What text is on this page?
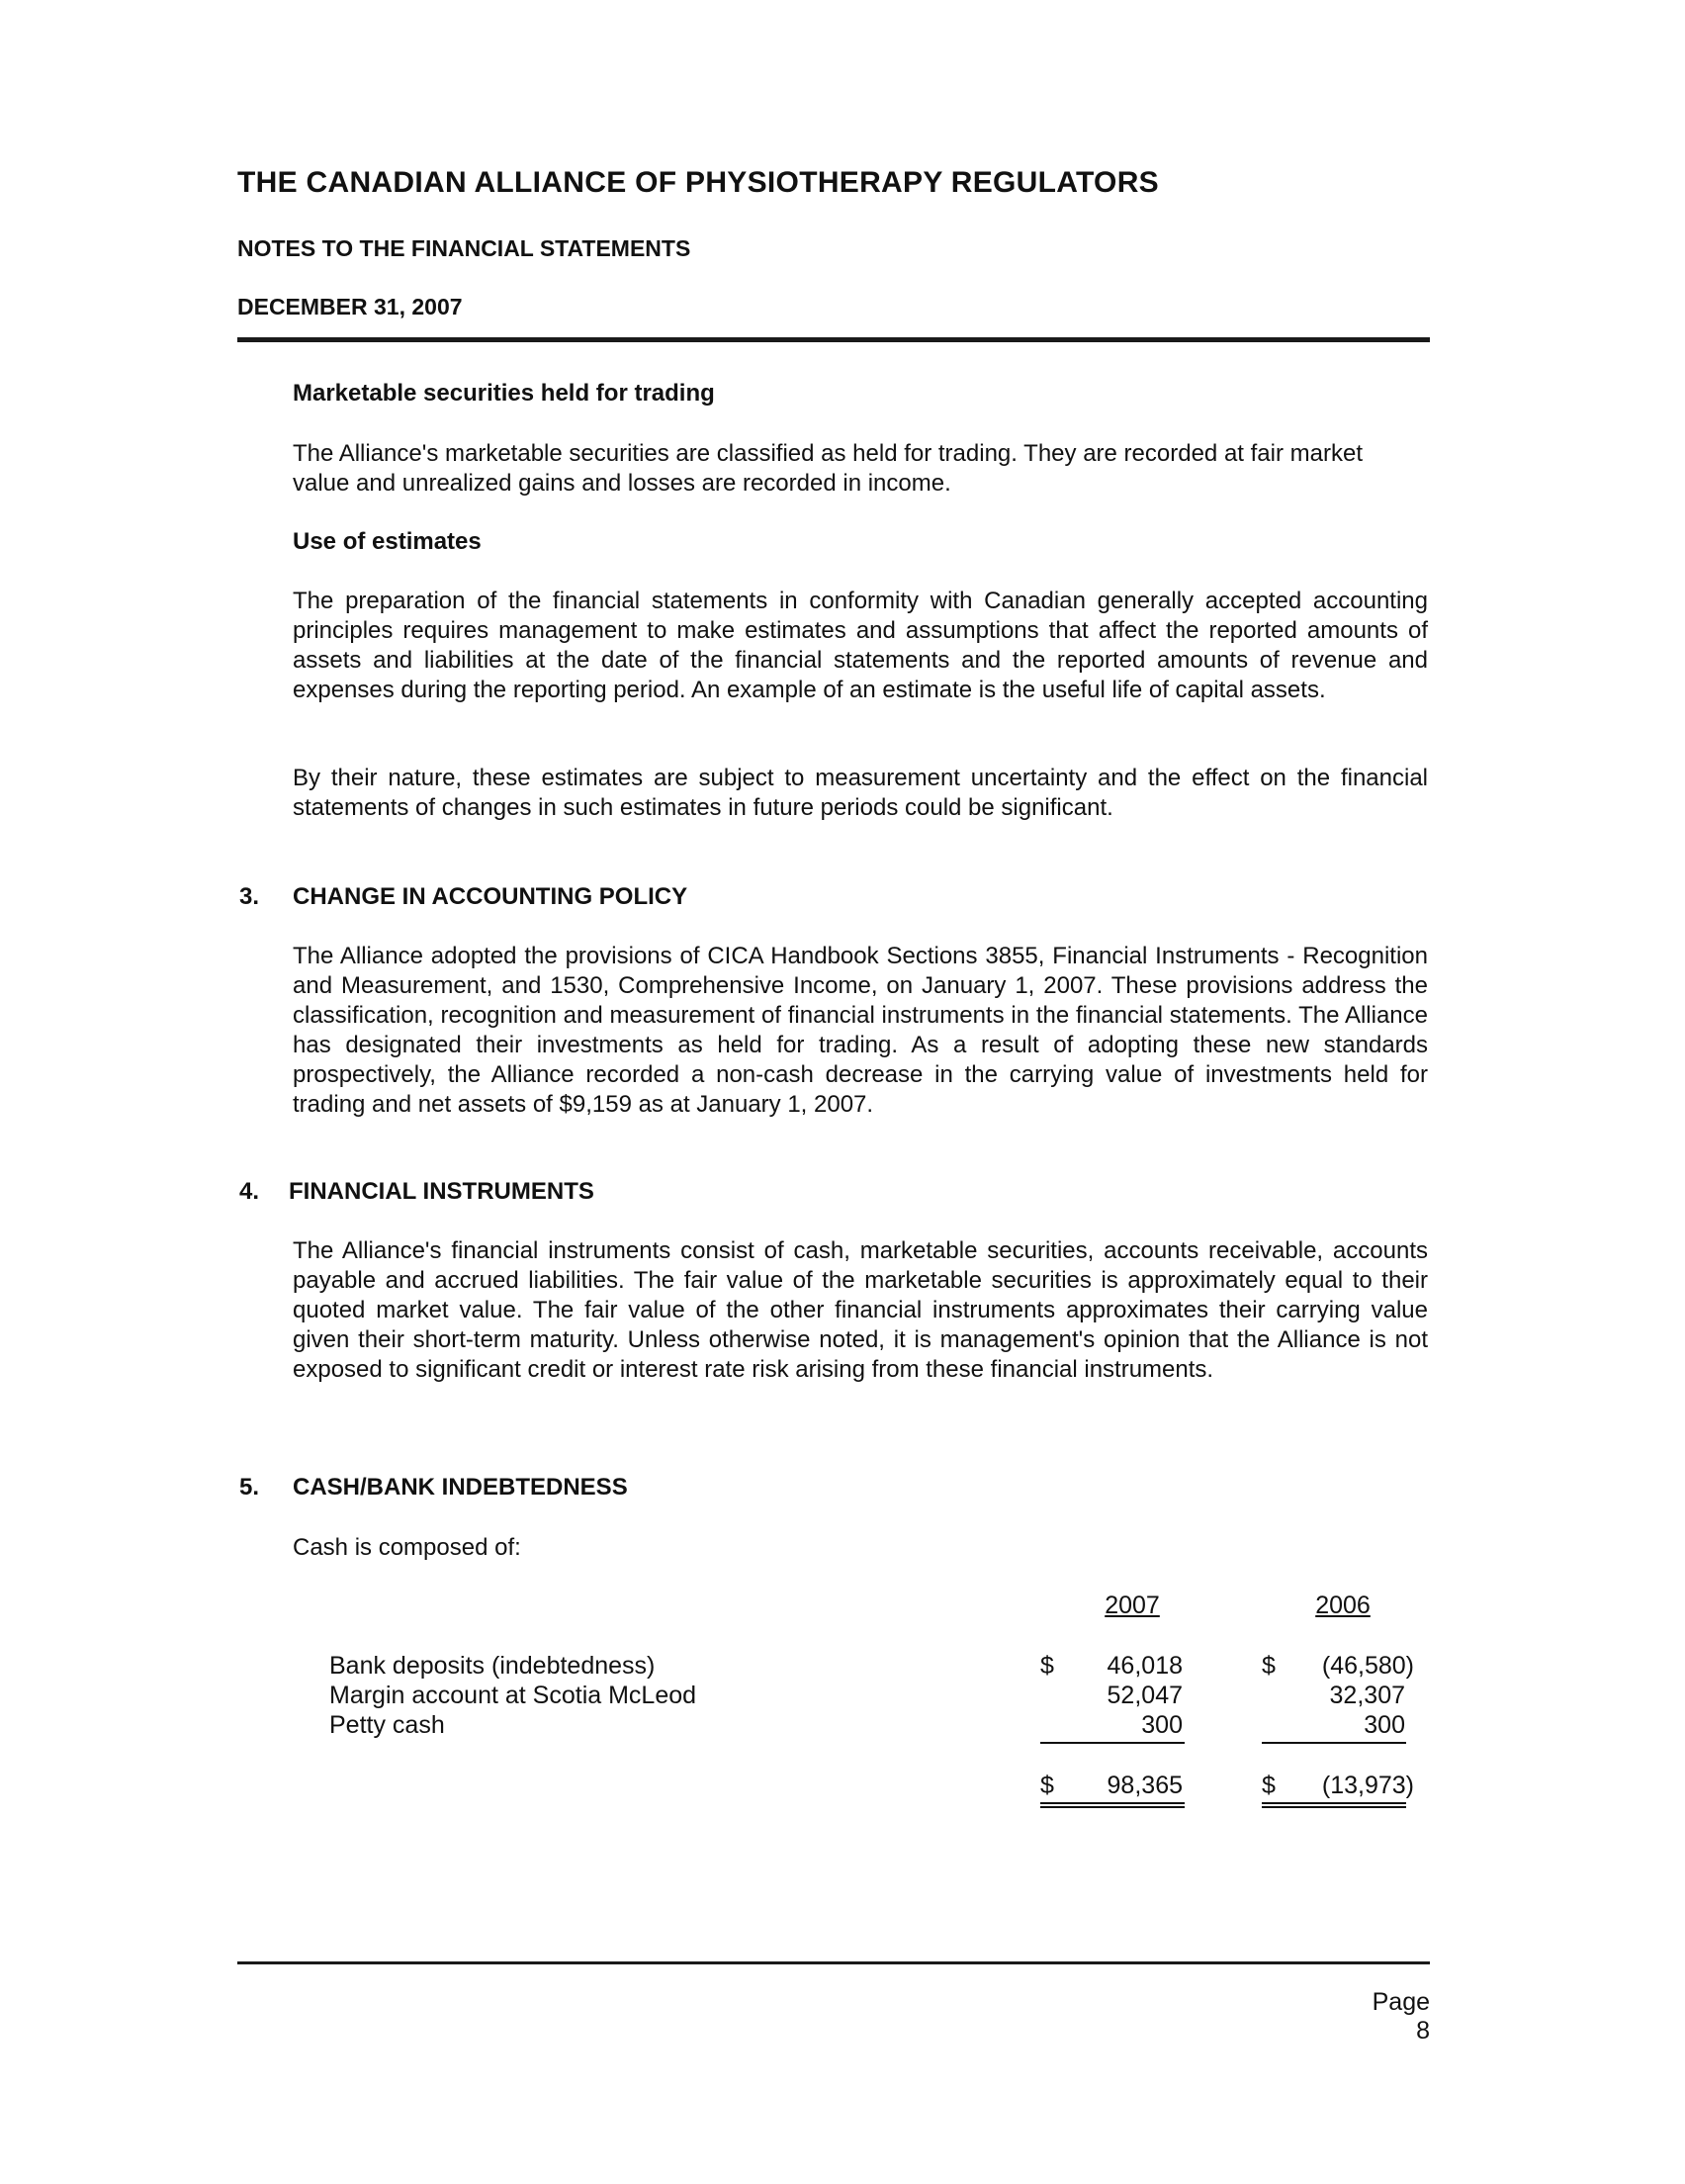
THE CANADIAN ALLIANCE OF PHYSIOTHERAPY REGULATORS
NOTES TO THE FINANCIAL STATEMENTS
DECEMBER 31, 2007
Marketable securities held for trading
The Alliance's marketable securities are classified as held for trading. They are recorded at fair market value and unrealized gains and losses are recorded in income.
Use of estimates
The preparation of the financial statements in conformity with Canadian generally accepted accounting principles requires management to make estimates and assumptions that affect the reported amounts of assets and liabilities at the date of the financial statements and the reported amounts of revenue and expenses during the reporting period. An example of an estimate is the useful life of capital assets.
By their nature, these estimates are subject to measurement uncertainty and the effect on the financial statements of changes in such estimates in future periods could be significant.
3. CHANGE IN ACCOUNTING POLICY
The Alliance adopted the provisions of CICA Handbook Sections 3855, Financial Instruments - Recognition and Measurement, and 1530, Comprehensive Income, on January 1, 2007. These provisions address the classification, recognition and measurement of financial instruments in the financial statements. The Alliance has designated their investments as held for trading. As a result of adopting these new standards prospectively, the Alliance recorded a non-cash decrease in the carrying value of investments held for trading and net assets of $9,159 as at January 1, 2007.
4. FINANCIAL INSTRUMENTS
The Alliance's financial instruments consist of cash, marketable securities, accounts receivable, accounts payable and accrued liabilities. The fair value of the marketable securities is approximately equal to their quoted market value. The fair value of the other financial instruments approximates their carrying value given their short-term maturity. Unless otherwise noted, it is management's opinion that the Alliance is not exposed to significant credit or interest rate risk arising from these financial instruments.
5. CASH/BANK INDEBTEDNESS
Cash is composed of:
2007	2006
Bank deposits (indebtedness)	$	46,018	$	(46,580)
Margin account at Scotia McLeod	52,047	32,307
Petty cash	300	300
$	98,365	$	(13,973)
Page 8
